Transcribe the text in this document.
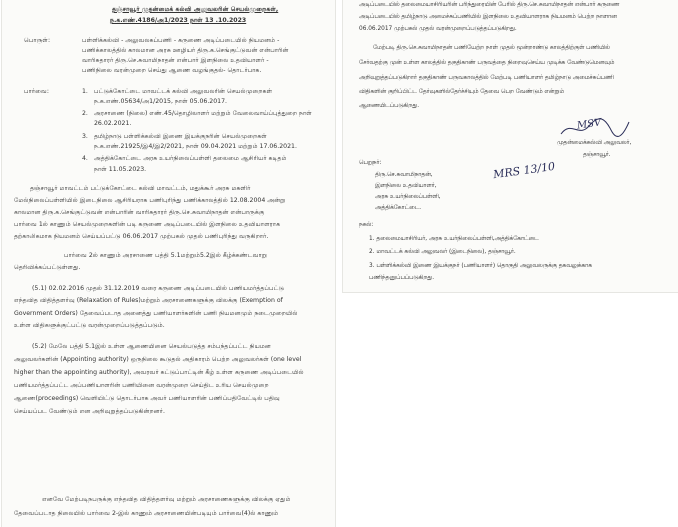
தஞ்சாவூர் முதன்மைக் கல்வி அலுவலரின் செயல்முறைகள்,
ந.க.எண்.4186/அ1/2023 நாள் 13 .10.2023
பொருள்:	பள்ளிக்கல்வி - அலுவலகப்பணி - கருணை அடிப்படையில் நியமனம் -
பணிக்காலத்தில் காலமான அரசு ஊழியர் திரு.க.செங்குட்டுவன் என்பாரின்
வாரிசுதாரர் திரு.செ.சுவாமிநாதன் என்பார் இளநிலை உதவியாளர் -
பணிநிலை வரன்முறை செய்து ஆணை வழங்குதல்- தொடர்பாக.
பார்வை:	1. பட்டுக்கோட்டை மாவட்டக் கல்வி அலுவலரின் செயல்முறைகள்
ந.க.எண்.05634/அ1/2015, நாள் 05.06.2017.
2. அரசாணை (நிலை) எண்.45/தொழிலாளர் மற்றும் வேலைவாய்ப்புத்துறை நாள்
26.02.2021.
3. தமிழ்நாடு பள்ளிக்கல்வி இணை இயக்குநரின் செயல்முறைகள்
ந.க.எண்.21925/இ4/இ2/2021, நாள் 09.04.2021 மற்றும் 17.06.2021.
4. அத்திக்கோட்டை அரசு உயர்நிலைப்பள்ளி தலைமை ஆசிரியர் கடிதம்
நாள் 11.05.2023.
தஞ்சாவூர் மாவட்டம் பட்டுக்கோட்டை கல்வி மாவட்டம், மதுக்கூர் அரசு மகளிர்
மேல்நிலைப்பள்ளியில் இடைநிலை ஆசிரியராக பணிபுரிந்து பணிக்காலத்தில் 12.08.2004 அன்று
காலமான திரு.க.செங்குட்டுவன் என்பாரின் வாரிசுதாரர் திரு.செ.சுவாமிநாதன் என்பாருக்கு
பார்வை 1ல் காணும் செயல்முறைகளின் படி கருணை அடிப்படையில் இளநிலை உதவியாளராக
தற்காலிகமாக நியமனம் செய்யப்பட்டு 06.06.2017 முற்பகல் முதல் பணிபுரிந்து வருகிறார்.
பார்வை 2ல் காணும் அரசாணை பத்தி 5.1மற்றும்5.2இல் கீழ்க்கண்டவாறு
தெரிவிக்கப்பட்டுள்ளது.
(5.1) 02.02.2016 முதல் 31.12.2019 வரை கருணை அடிப்படையில் பணியமர்த்தப்பட்டு
எந்தவித விதித்தளர்வு (Relaxation of Rules)மற்றும் அரசாணைகளுக்கு விலக்கு (Exemption of
Government Orders) தேவைப்படாத அனைத்து பணியாளர்களின் பணி நியமனமும் நடைமுறையில்
உள்ள விதிகளுக்குட்பட்டு வரன்முறைப்படுத்தப்படும்.
(5.2) மேலே பத்தி 5.1இல் உள்ள ஆணையினை செயல்படுத்த சம்பந்தப்பட்ட நியமன
அலுவலர்களின் (Appointing authority) ஒருநிலை கூடுதல் அதிகாரம் பெற்ற அலுவலர்கள் (one level
higher than the appointing authority), அவரவர் கட்டுப்பாட்டின் கீழ் உள்ள கருணை அடிப்படையில்
பணியமர்த்தப்பட்ட அப்பணியாளரின் பணியினை வரன்முறை செய்திட உரிய செயல்முறை
ஆணை(proceedings) வெளியிட்டு தொடர்பாக அவர் பணியாளரின் பணிப்பதிவேட்டில் பதிவு
செய்யப்பட வேண்டும் என அறிவுறுத்தப்படுகின்றனர்.
எனவே மேற்படிநபருக்கு எந்தவித விதித்தளர்வு மற்றும் அரசாணைகளுக்கு விலக்கு ஏதும்
தேவைப்படாத நிலையில் பார்வை 2-இல் காணும் அரசாணையின்படியும் பார்வை(4)ல் காணும்
அடிப்படையில் தலைமையாசிரியரின் பரிந்துரையின் பேரில் திரு.செ.சுவாமிநாதன் என்பார் கருணை
அடிப்படையில் தமிழ்நாடு அமைச்சுப்பணியில் இளநிலை உதவியாளராக நியமனம் பெற்ற நாளான
06.06.2017 முற்பகல் முதல் வரன்முறைப்படுத்தப்படுகிறது.
மேற்படி திரு.செ.சுவாமிநாதன் பணியேற்ற நாள் முதல் மூன்றாண்டு காலத்திற்குள் பணியில்
சேர்வதற்கு முன் உள்ள காலத்தில் தகுதிகாண் பருவத்தை நிறைவுசெய்ய முடிக்க வேண்டுமெனவும்
அறிவுறுத்தப்படுகிறார் தகுதிகாண் பருவகாலத்தில் மேற்படி பணியாளர் தமிழ்நாடு அமைச்சுப்பணி
விதிகளின் குறிப்பிட்ட தேர்வுகளில்தேர்ச்சியும் தேவை பெற வேண்டும் என்றும்
ஆணையிடப்படுகிறது.
MSV
முதன்மைக்கல்வி அலுவலர்,
தஞ்சாவூர்.
பெறுநர்:
திரு.செ.சுவாமிநாதன்,
இளநிலை உதவியாளர்,
அரசு உயர்நிலைப்பள்ளி,
அத்திக்கோட்டை.
MRS 13/10
நகல்:
1. தலைமையாசிரியர், அரசு உயர்நிலைப்பள்ளி,அத்திக்கோட்டை
2. மாவட்டக் கல்வி அலுவலர் (இடைநிலை), தஞ்சாவூர்.
3. பள்ளிக்கல்வி இணை இயக்குநர் (பணியாளர்) தொகுதி அலுவலருக்கு தகவலுக்காக
பணிந்தனுப்பப்படுகிறது.
